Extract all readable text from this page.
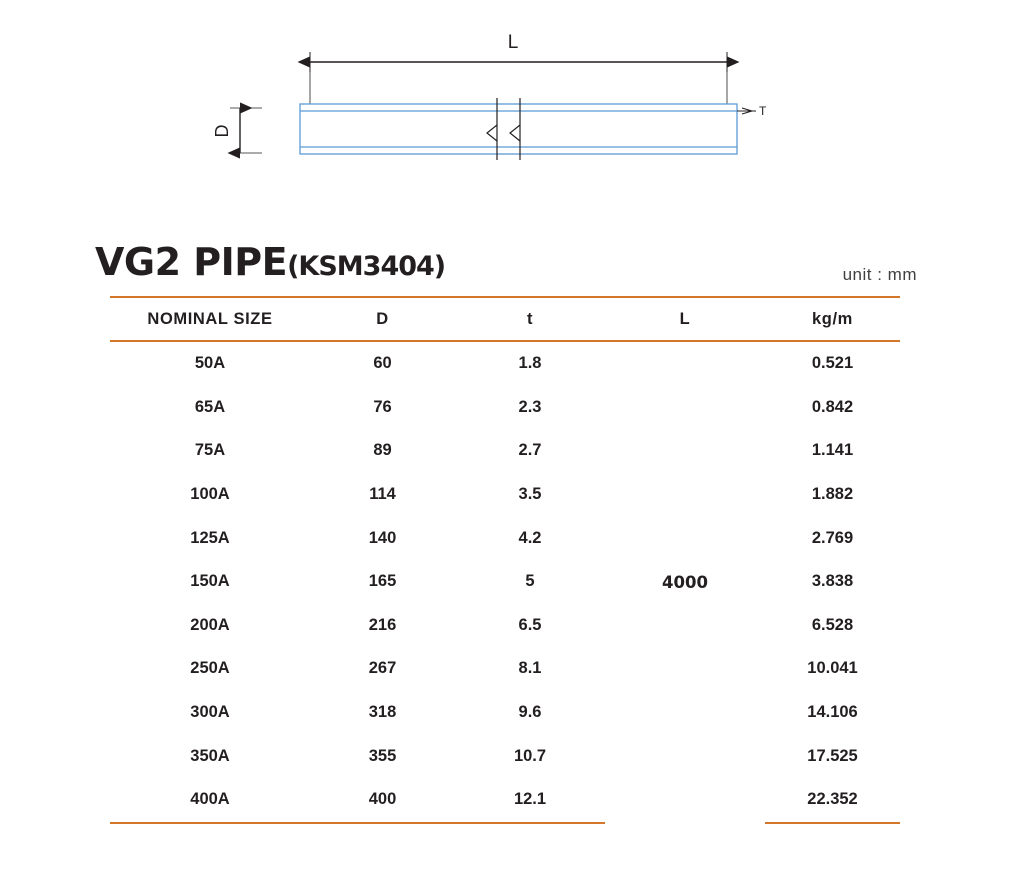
L
D
T
VG2 PIPE(KSM3404)	unit : mm
NOMINAL SIZE	D	t	L	kg/m
50A	60	1.8	4000	0.521
65A	76	2.3		0.842
75A	89	2.7		1.141
100A	114	3.5		1.882
125A	140	4.2		2.769
150A	165	5		3.838
200A	216	6.5		6.528
250A	267	8.1		10.041
300A	318	9.6		14.106
350A	355	10.7		17.525
400A	400	12.1		22.352
